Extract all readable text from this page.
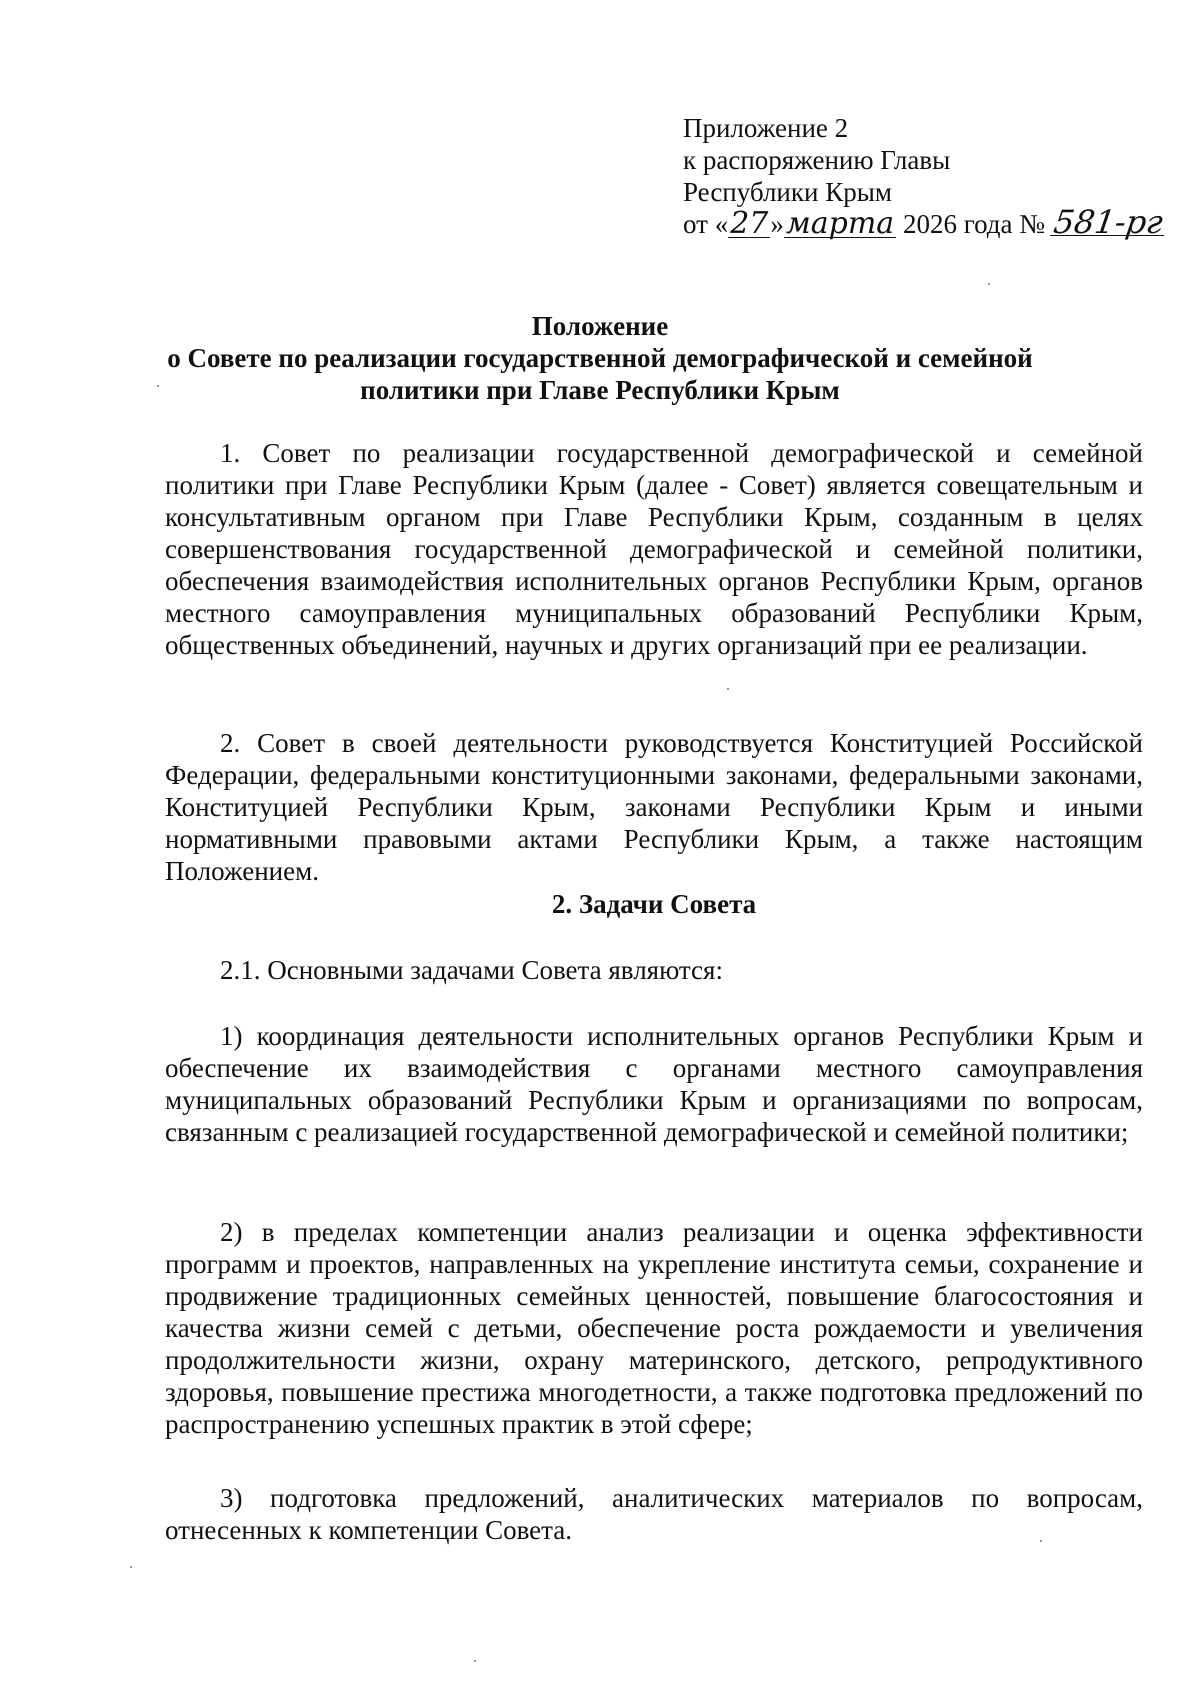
Приложение 2
к распоряжению Главы
Республики Крым
от «27»марта 2026 года № 581-рг
Положение
о Совете по реализации государственной демографической и семейной
политики при Главе Республики Крым
1. Совет по реализации государственной демографической и семейной политики при Главе Республики Крым (далее - Совет) является совещательным и консультативным органом при Главе Республики Крым, созданным в целях совершенствования государственной демографической и семейной политики, обеспечения взаимодействия исполнительных органов Республики Крым, органов местного самоуправления муниципальных образований Республики Крым, общественных объединений, научных и других организаций при ее реализации.
2. Совет в своей деятельности руководствуется Конституцией Российской Федерации, федеральными конституционными законами, федеральными законами, Конституцией Республики Крым, законами Республики Крым и иными нормативными правовыми актами Республики Крым, а также настоящим Положением.
2. Задачи Совета
2.1. Основными задачами Совета являются:
1) координация деятельности исполнительных органов Республики Крым и обеспечение их взаимодействия с органами местного самоуправления муниципальных образований Республики Крым и организациями по вопросам, связанным с реализацией государственной демографической и семейной политики;
2) в пределах компетенции анализ реализации и оценка эффективности программ и проектов, направленных на укрепление института семьи, сохранение и продвижение традиционных семейных ценностей, повышение благосостояния и качества жизни семей с детьми, обеспечение роста рождаемости и увеличения продолжительности жизни, охрану материнского, детского, репродуктивного здоровья, повышение престижа многодетности, а также подготовка предложений по распространению успешных практик в этой сфере;
3) подготовка предложений, аналитических материалов по вопросам, отнесенных к компетенции Совета.
